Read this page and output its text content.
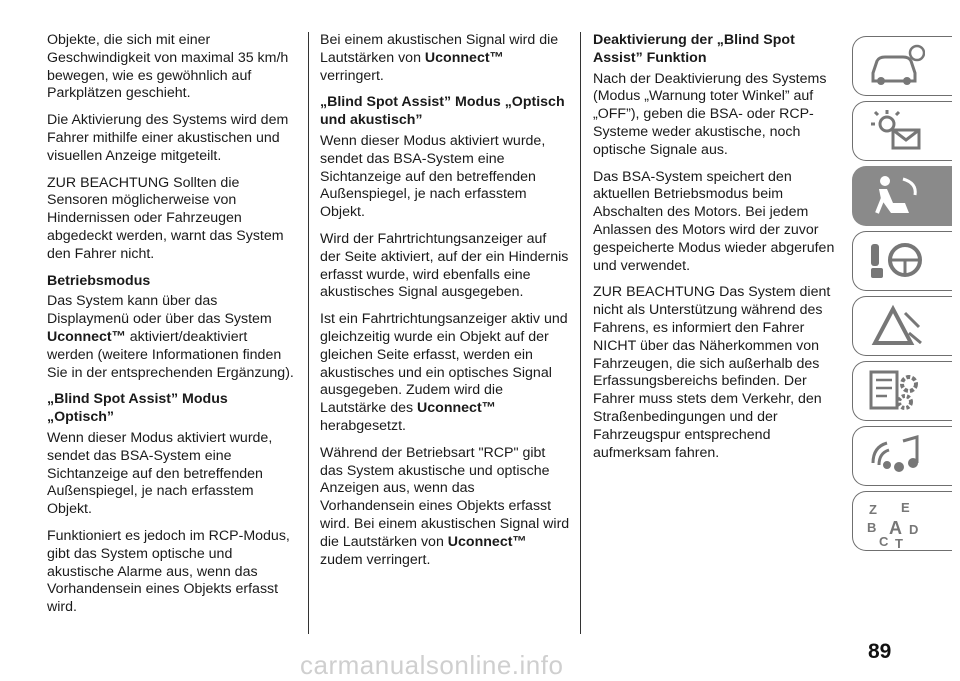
Objekte, die sich mit einer Geschwindigkeit von maximal 35 km/h bewegen, wie es gewöhnlich auf Parkplätzen geschieht.

Die Aktivierung des Systems wird dem Fahrer mithilfe einer akustischen und visuellen Anzeige mitgeteilt.

ZUR BEACHTUNG Sollten die Sensoren möglicherweise von Hindernissen oder Fahrzeugen abgedeckt werden, warnt das System den Fahrer nicht.

Betriebsmodus

Das System kann über das Displaymenü oder über das System Uconnect™ aktiviert/deaktiviert werden (weitere Informationen finden Sie in der entsprechenden Ergänzung).

„Blind Spot Assist” Modus „Optisch”

Wenn dieser Modus aktiviert wurde, sendet das BSA-System eine Sichtanzeige auf den betreffenden Außenspiegel, je nach erfasstem Objekt.

Funktioniert es jedoch im RCP-Modus, gibt das System optische und akustische Alarme aus, wenn das Vorhandensein eines Objekts erfasst wird.

Bei einem akustischen Signal wird die Lautstärken von Uconnect™ verringert.

„Blind Spot Assist” Modus „Optisch und akustisch”

Wenn dieser Modus aktiviert wurde, sendet das BSA-System eine Sichtanzeige auf den betreffenden Außenspiegel, je nach erfasstem Objekt.

Wird der Fahrtrichtungsanzeiger auf der Seite aktiviert, auf der ein Hindernis erfasst wurde, wird ebenfalls eine akustisches Signal ausgegeben.

Ist ein Fahrtrichtungsanzeiger aktiv und gleichzeitig wurde ein Objekt auf der gleichen Seite erfasst, werden ein akustisches und ein optisches Signal ausgegeben. Zudem wird die Lautstärke des Uconnect™ herabgesetzt.

Während der Betriebsart "RCP" gibt das System akustische und optische Anzeigen aus, wenn das Vorhandensein eines Objekts erfasst wird. Bei einem akustischen Signal wird die Lautstärken von Uconnect™ zudem verringert.

Deaktivierung der „Blind Spot Assist” Funktion

Nach der Deaktivierung des Systems (Modus „Warnung toter Winkel” auf „OFF”), geben die BSA- oder RCP-Systeme weder akustische, noch optische Signale aus.

Das BSA-System speichert den aktuellen Betriebsmodus beim Abschalten des Motors. Bei jedem Anlassen des Motors wird der zuvor gespeicherte Modus wieder abgerufen und verwendet.

ZUR BEACHTUNG Das System dient nicht als Unterstützung während des Fahrens, es informiert den Fahrer NICHT über das Näherkommen von Fahrzeugen, die sich außerhalb des Erfassungsbereichs befinden. Der Fahrer muss stets dem Verkehr, den Straßenbedingungen und der Fahrzeugspur entsprechend aufmerksam fahren.

Z E
B A D
C T
89
carmanualsonline.info
